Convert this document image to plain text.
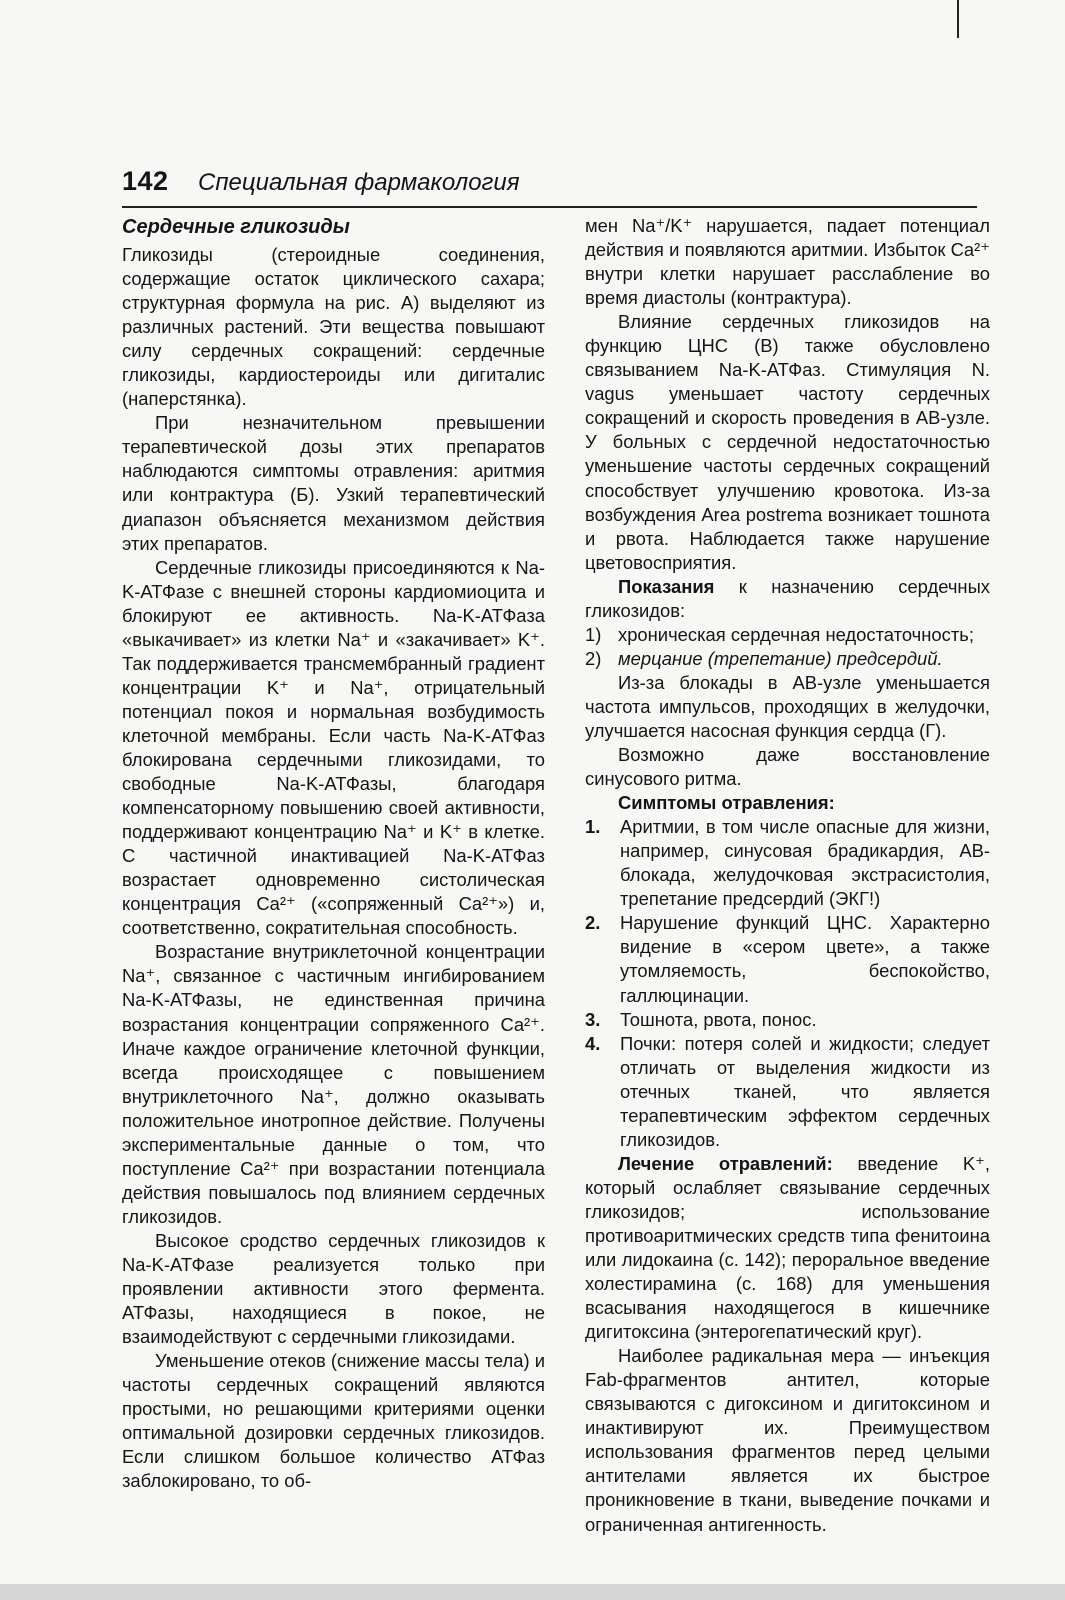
142 Специальная фармакология
Сердечные гликозиды

Гликозиды (стероидные соединения, содержащие остаток циклического сахара; структурная формула на рис. А) выделяют из различных растений. Эти вещества повышают силу сердечных сокращений: сердечные гликозиды, кардиостероиды или дигиталис (наперстянка).

При незначительном превышении терапевтической дозы этих препаратов наблюдаются симптомы отравления: аритмия или контрактура (Б). Узкий терапевтический диапазон объясняется механизмом действия этих препаратов.

Сердечные гликозиды присоединяются к Na-K-АТФазе с внешней стороны кардиомиоцита и блокируют ее активность. Na-K-АТФаза «выкачивает» из клетки Na⁺ и «закачивает» K⁺. Так поддерживается трансмембранный градиент концентрации K⁺ и Na⁺, отрицательный потенциал покоя и нормальная возбудимость клеточной мембраны. Если часть Na-K-АТФаз блокирована сердечными гликозидами, то свободные Na-K-АТФазы, благодаря компенсаторному повышению своей активности, поддерживают концентрацию Na⁺ и K⁺ в клетке. С частичной инактивацией Na-K-АТФаз возрастает одновременно систолическая концентрация Ca²⁺ («сопряженный Ca²⁺») и, соответственно, сократительная способность.

Возрастание внутриклеточной концентрации Na⁺, связанное с частичным ингибированием Na-K-АТФазы, не единственная причина возрастания концентрации сопряженного Ca²⁺. Иначе каждое ограничение клеточной функции, всегда происходящее с повышением внутриклеточного Na⁺, должно оказывать положительное инотропное действие. Получены экспериментальные данные о том, что поступление Ca²⁺ при возрастании потенциала действия повышалось под влиянием сердечных гликозидов.

Высокое сродство сердечных гликозидов к Na-K-АТФазе реализуется только при проявлении активности этого фермента. АТФазы, находящиеся в покое, не взаимодействуют с сердечными гликозидами.

Уменьшение отеков (снижение массы тела) и частоты сердечных сокращений являются простыми, но решающими критериями оценки оптимальной дозировки сердечных гликозидов. Если слишком большое количество АТФаз заблокировано, то об-

мен Na⁺/K⁺ нарушается, падает потенциал действия и появляются аритмии. Избыток Ca²⁺ внутри клетки нарушает расслабление во время диастолы (контрактура).

Влияние сердечных гликозидов на функцию ЦНС (В) также обусловлено связыванием Na-K-АТФаз. Стимуляция N. vagus уменьшает частоту сердечных сокращений и скорость проведения в АВ-узле. У больных с сердечной недостаточностью уменьшение частоты сердечных сокращений способствует улучшению кровотока. Из-за возбуждения Area postrema возникает тошнота и рвота. Наблюдается также нарушение цветовосприятия.

Показания к назначению сердечных гликозидов:

1) хроническая сердечная недостаточность;
2) мерцание (трепетание) предсердий.

Из-за блокады в АВ-узле уменьшается частота импульсов, проходящих в желудочки, улучшается насосная функция сердца (Г).

Возможно даже восстановление синусового ритма.

Симптомы отравления:
1. Аритмии, в том числе опасные для жизни, например, синусовая брадикардия, АВ-блокада, желудочковая экстрасистолия, трепетание предсердий (ЭКГ!)
2. Нарушение функций ЦНС. Характерно видение в «сером цвете», а также утомляемость, беспокойство, галлюцинации.
3. Тошнота, рвота, понос.
4. Почки: потеря солей и жидкости; следует отличать от выделения жидкости из отечных тканей, что является терапевтическим эффектом сердечных гликозидов.

Лечение отравлений: введение K⁺, который ослабляет связывание сердечных гликозидов; использование противоаритмических средств типа фенитоина или лидокаина (с. 142); пероральное введение холестирамина (с. 168) для уменьшения всасывания находящегося в кишечнике дигитоксина (энтерогепатический круг).

Наиболее радикальная мера — инъекция Fab-фрагментов антител, которые связываются с дигоксином и дигитоксином и инактивируют их. Преимуществом использования фрагментов перед целыми антителами является их быстрое проникновение в ткани, выведение почками и ограниченная антигенность.
